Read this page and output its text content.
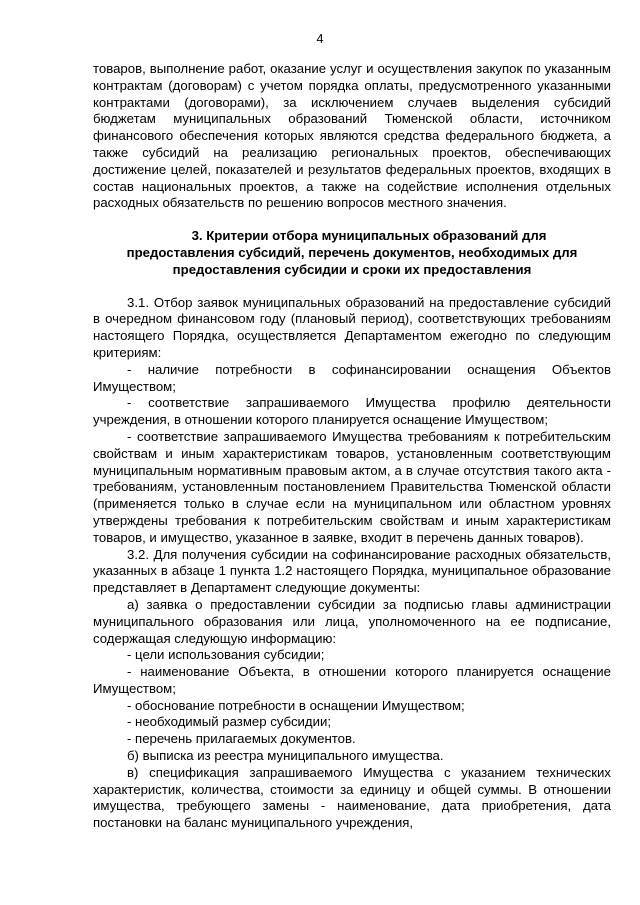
4

товаров, выполнение работ, оказание услуг и осуществления закупок по указанным контрактам (договорам) с учетом порядка оплаты, предусмотренного указанными контрактами (договорами), за исключением случаев выделения субсидий бюджетам муниципальных образований Тюменской области, источником финансового обеспечения которых являются средства федерального бюджета, а также субсидий на реализацию региональных проектов, обеспечивающих достижение целей, показателей и результатов федеральных проектов, входящих в состав национальных проектов, а также на содействие исполнения отдельных расходных обязательств по решению вопросов местного значения.

3. Критерии отбора муниципальных образований для
предоставления субсидий, перечень документов, необходимых для
предоставления субсидии и сроки их предоставления

3.1. Отбор заявок муниципальных образований на предоставление субсидий в очередном финансовом году (плановый период), соответствующих требованиям настоящего Порядка, осуществляется Департаментом ежегодно по следующим критериям:

- наличие потребности в софинансировании оснащения Объектов Имуществом;

- соответствие запрашиваемого Имущества профилю деятельности учреждения, в отношении которого планируется оснащение Имуществом;

- соответствие запрашиваемого Имущества требованиям к потребительским свойствам и иным характеристикам товаров, установленным соответствующим муниципальным нормативным правовым актом, а в случае отсутствия такого акта - требованиям, установленным постановлением Правительства Тюменской области (применяется только в случае если на муниципальном или областном уровнях утверждены требования к потребительским свойствам и иным характеристикам товаров, и имущество, указанное в заявке, входит в перечень данных товаров).

3.2. Для получения субсидии на софинансирование расходных обязательств, указанных в абзаце 1 пункта 1.2 настоящего Порядка, муниципальное образование представляет в Департамент следующие документы:

а) заявка о предоставлении субсидии за подписью главы администрации муниципального образования или лица, уполномоченного на ее подписание, содержащая следующую информацию:

- цели использования субсидии;

- наименование Объекта, в отношении которого планируется оснащение Имуществом;

- обоснование потребности в оснащении Имуществом;

- необходимый размер субсидии;

- перечень прилагаемых документов.

б) выписка из реестра муниципального имущества.

в) спецификация запрашиваемого Имущества с указанием технических характеристик, количества, стоимости за единицу и общей суммы. В отношении имущества, требующего замены - наименование, дата приобретения, дата постановки на баланс муниципального учреждения,
